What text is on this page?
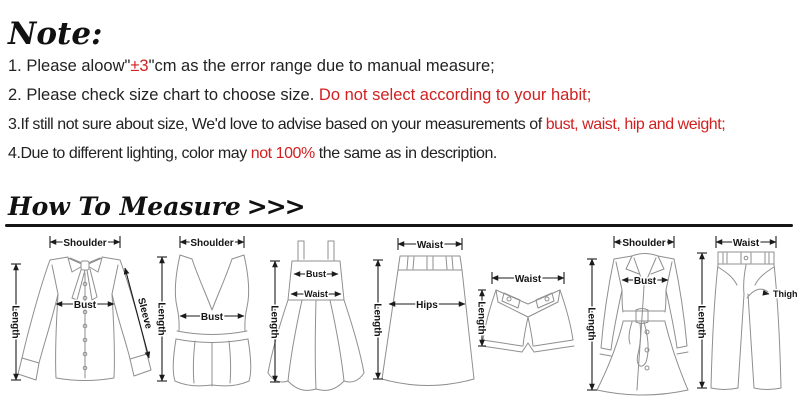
Note:
1. Please aloow"±3"cm as the error range due to manual measure;
2. Please check size chart to choose size. Do not select according to your habit;
3.If still not sure about size, We'd love to advise based on your measurements of bust, waist, hip and weight;
4.Due to different lighting, color may not 100% the same as in description.
How To Measure >>>
Shoulder
Length	Bust	Sleeve
Shoulder
Length	Bust
Bust
Waist
Length
Waist
Hips
Length
Waist
Length
Shoulder
Bust
Length
Waist
Thigh
Length
